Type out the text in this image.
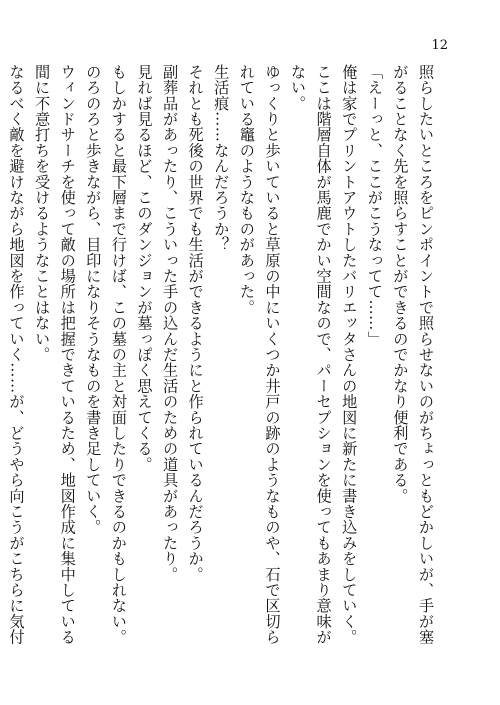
12

照らしたいところをピンポイントで照らせないのがちょっともどかしいが、手が塞がることなく先を照らすことができるのでかなり便利である。

「えーっと、ここがこうなってて……」

俺は家でプリントアウトしたバリエッタさんの地図に新たに書き込みをしていく。

ここは階層自体が馬鹿でかい空間なので、パーセプションを使ってもあまり意味がない。

ゆっくりと歩いていると草原の中にいくつか井戸の跡のようなものや、石で区切られている竈のようなものがあった。

生活痕……なんだろうか？

それとも死後の世界でも生活ができるようにと作られているんだろうか。

副葬品があったり、こういった手の込んだ生活のための道具があったり。

見れば見るほど、このダンジョンが墓っぽく思えてくる。

もしかすると最下層まで行けば、この墓の主と対面したりできるのかもしれない。

のろのろと歩きながら、目印になりそうなものを書き足していく。

ウィンドサーチを使って敵の場所は把握できているため、地図作成に集中している間に不意打ちを受けるようなことはない。

なるべく敵を避けながら地図を作っていく……が、どうやら向こうがこちらに気付
